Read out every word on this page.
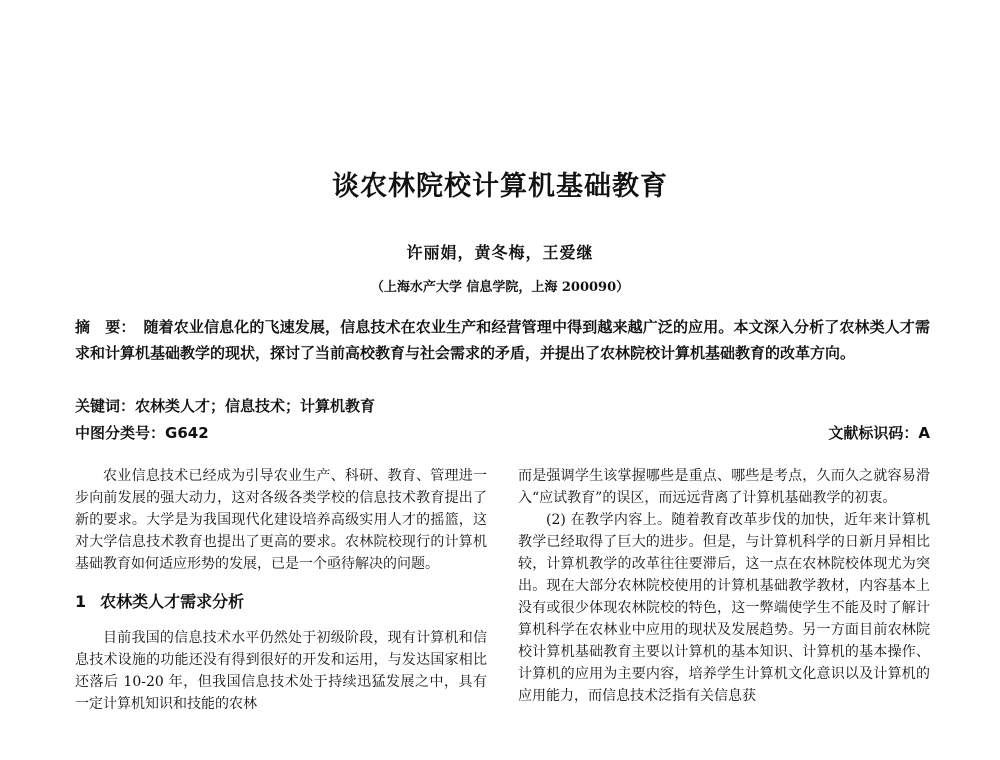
谈农林院校计算机基础教育
许丽娟，黄冬梅，王爱继
（上海水产大学 信息学院，上海 200090）
摘　要： 随着农业信息化的飞速发展，信息技术在农业生产和经营管理中得到越来越广泛的应用。本文深入分析了农林类人才需求和计算机基础教学的现状，探讨了当前高校教育与社会需求的矛盾，并提出了农林院校计算机基础教育的改革方向。
关键词：农林类人才；信息技术；计算机教育
中图分类号：G642	文献标识码：A

农业信息技术已经成为引导农业生产、科研、教育、管理进一步向前发展的强大动力，这对各级各类学校的信息技术教育提出了新的要求。大学是为我国现代化建设培养高级实用人才的摇篮，这对大学信息技术教育也提出了更高的要求。农林院校现行的计算机基础教育如何适应形势的发展，已是一个亟待解决的问题。

1 农林类人才需求分析

目前我国的信息技术水平仍然处于初级阶段，现有计算机和信息技术设施的功能还没有得到很好的开发和运用，与发达国家相比还落后 10-20 年，但我国信息技术处于持续迅猛发展之中，具有一定计算机知识和技能的农林

而是强调学生该掌握哪些是重点、哪些是考点，久而久之就容易滑入“应试教育”的误区，而远远背离了计算机基础教学的初衷。

(2) 在教学内容上。随着教育改革步伐的加快，近年来计算机教学已经取得了巨大的进步。但是，与计算机科学的日新月异相比较，计算机教学的改革往往要滞后，这一点在农林院校体现尤为突出。现在大部分农林院校使用的计算机基础教学教材，内容基本上没有或很少体现农林院校的特色，这一弊端使学生不能及时了解计算机科学在农林业中应用的现状及发展趋势。另一方面目前农林院校计算机基础教育主要以计算机的基本知识、计算机的基本操作、计算机的应用为主要内容，培养学生计算机文化意识以及计算机的应用能力，而信息技术泛指有关信息获
